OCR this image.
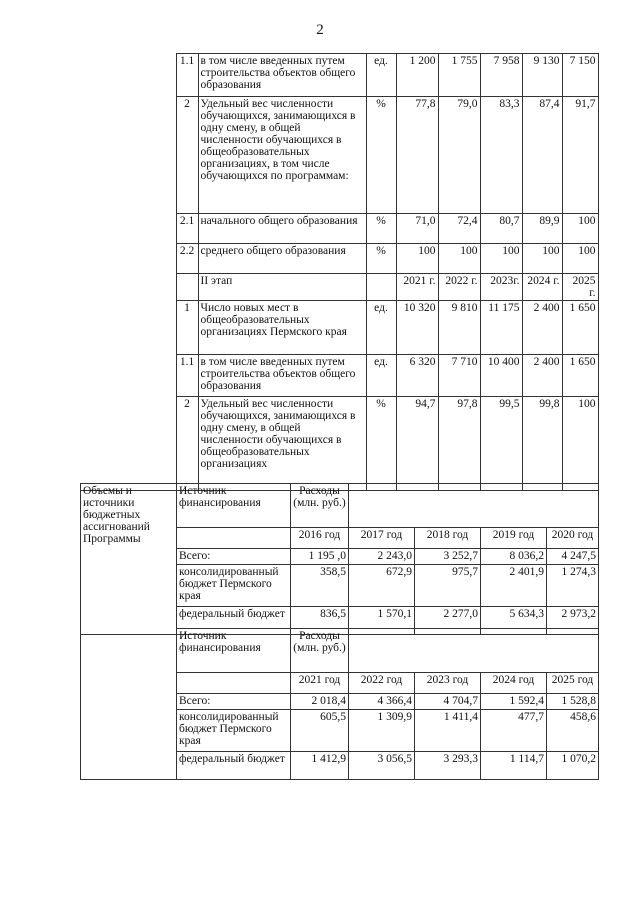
2
	1.1	в том числе введенных путем строительства объектов общего образования	ед.	1 200	1 755	7 958	9 130	7 150
	2	Удельный вес численности обучающихся, занимающихся в одну смену, в общей численности обучающихся в общеобразовательных организациях, в том числе обучающихся по программам:	%	77,8	79,0	83,3	87,4	91,7
	2.1	начального общего образования	%	71,0	72,4	80,7	89,9	100
	2.2	среднего общего образования	%	100	100	100	100	100
		II этап		2021 г.	2022 г.	2023г.	2024 г.	2025 г.
	1	Число новых мест в общеобразовательных организациях Пермского края	ед.	10 320	9 810	11 175	2 400	1 650
	1.1	в том числе введенных путем строительства объектов общего образования	ед.	6 320	7 710	10 400	2 400	1 650
	2	Удельный вес численности обучающихся, занимающихся в одну смену, в общей численности обучающихся в общеобразовательных организациях	%	94,7	97,8	99,5	99,8	100
Объемы и источники бюджетных ассигнований Программы	Источник финансирования	Расходы (млн. руб.)				
		2016 год	2017 год	2018 год	2019 год	2020 год
	Всего:	1 195 ,0	2 243,0	3 252,7	8 036,2	4 247,5
	консолидированный бюджет Пермского края	358,5	672,9	975,7	2 401,9	1 274,3
	федеральный бюджет	836,5	1 570,1	2 277,0	5 634,3	2 973,2
	Источник финансирования	Расходы (млн. руб.)				
		2021 год	2022 год	2023 год	2024 год	2025 год
	Всего:	2 018,4	4 366,4	4 704,7	1 592,4	1 528,8
	консолидированный бюджет Пермского края	605,5	1 309,9	1 411,4	477,7	458,6
	федеральный бюджет	1 412,9	3 056,5	3 293,3	1 114,7	1 070,2
